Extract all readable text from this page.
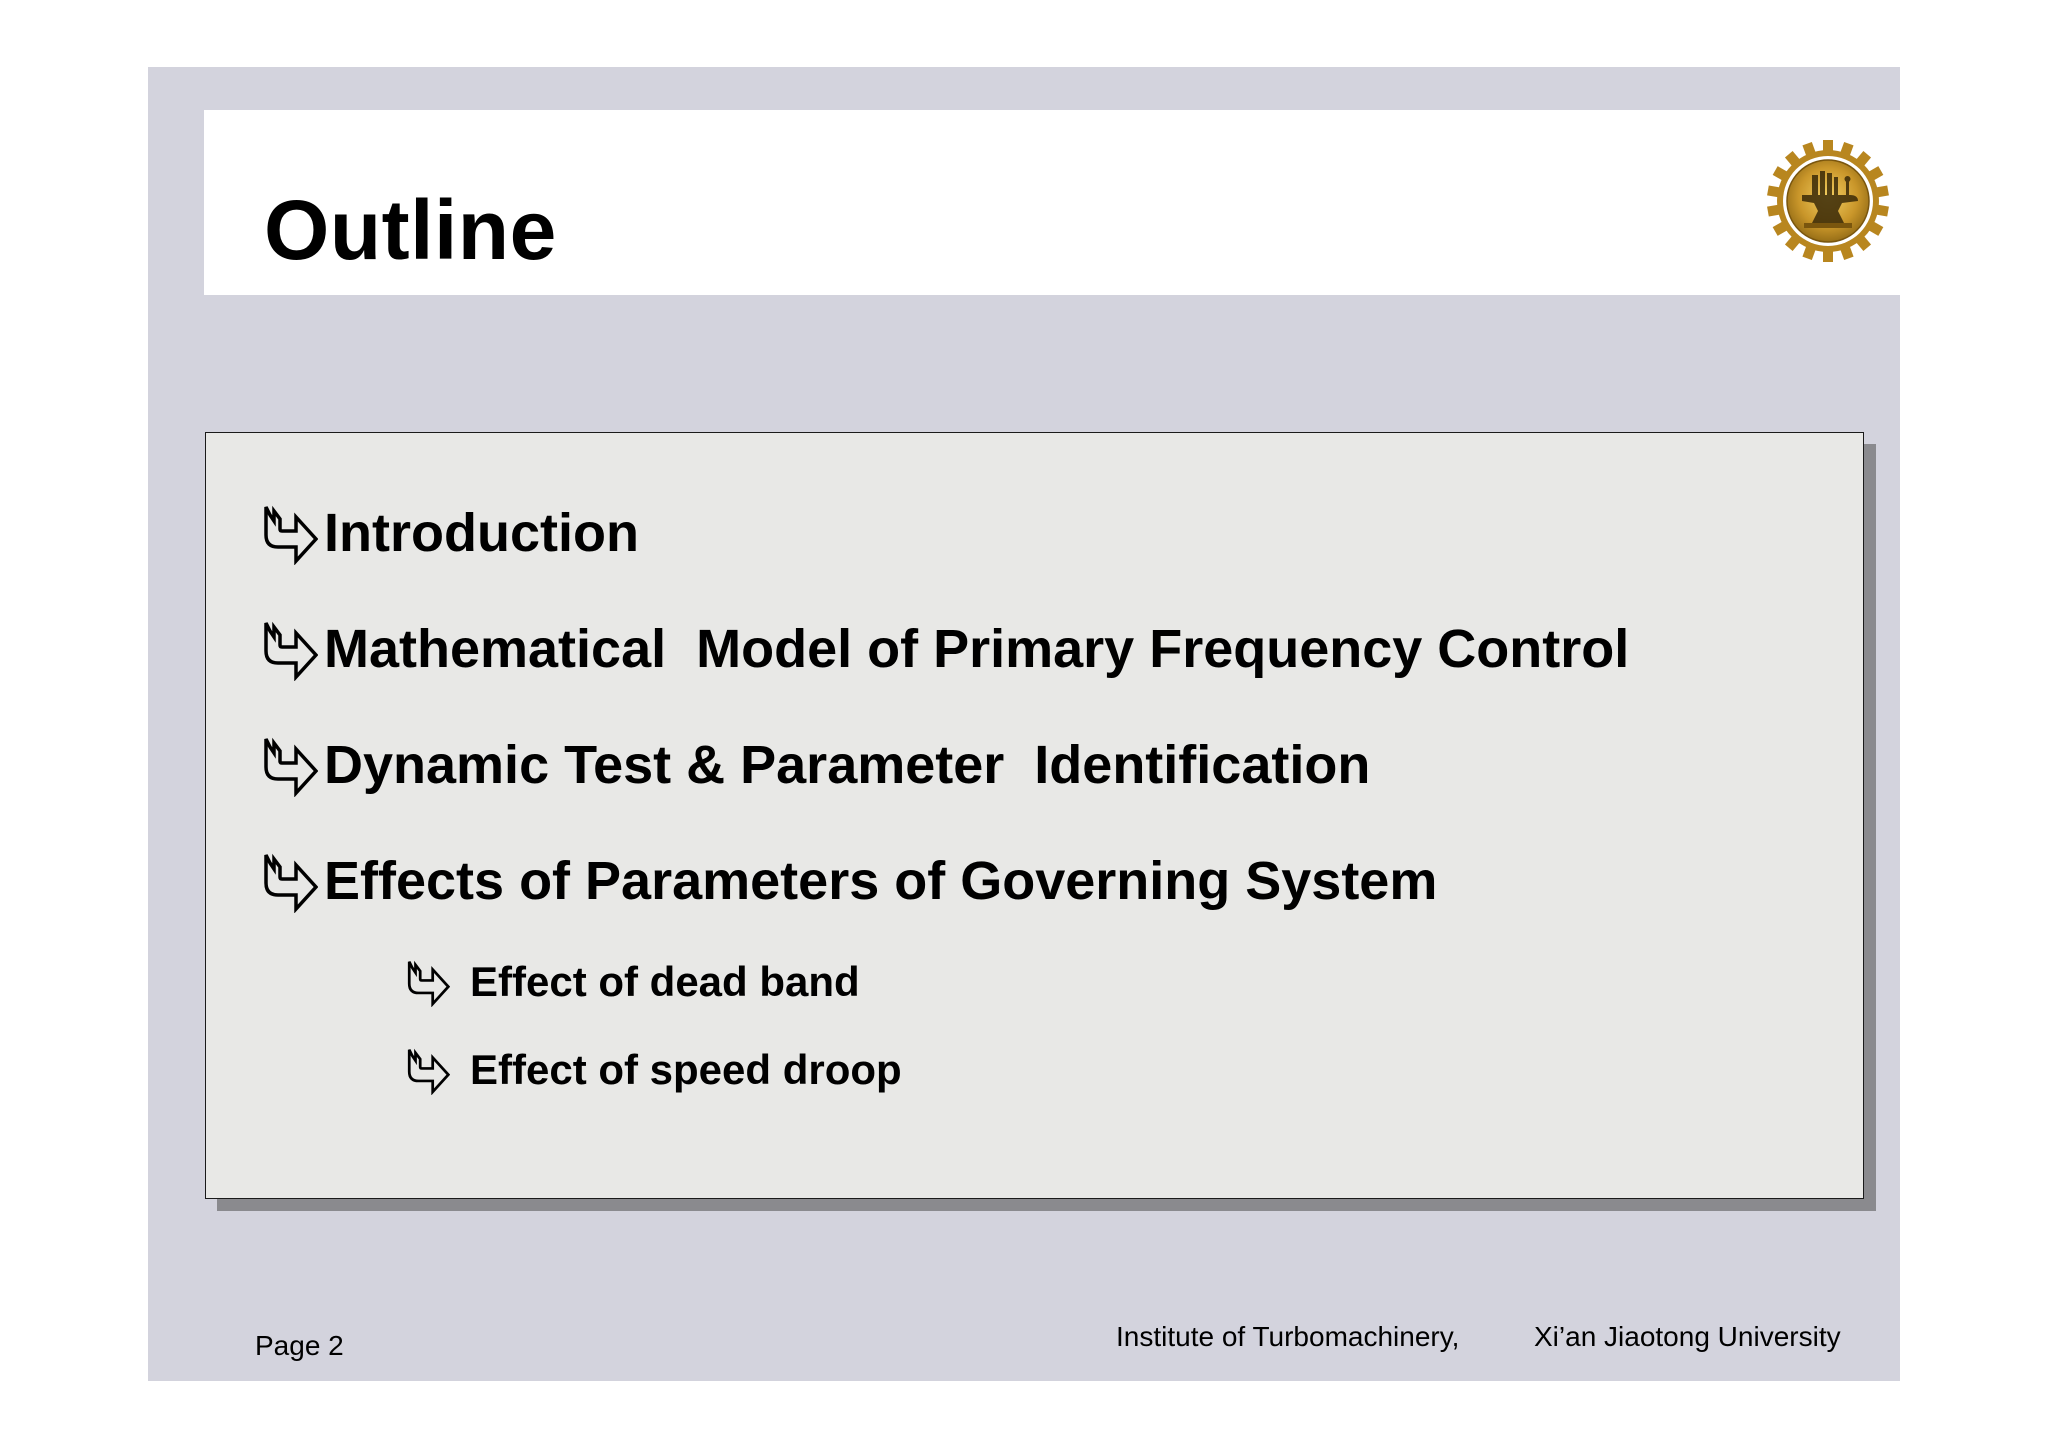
Outline
Introduction
Mathematical  Model of Primary Frequency Control
Dynamic Test & Parameter  Identification
Effects of Parameters of Governing System
Effect of dead band
Effect of speed droop
Page 2	Institute of Turbomachinery,	Xi’an Jiaotong University
